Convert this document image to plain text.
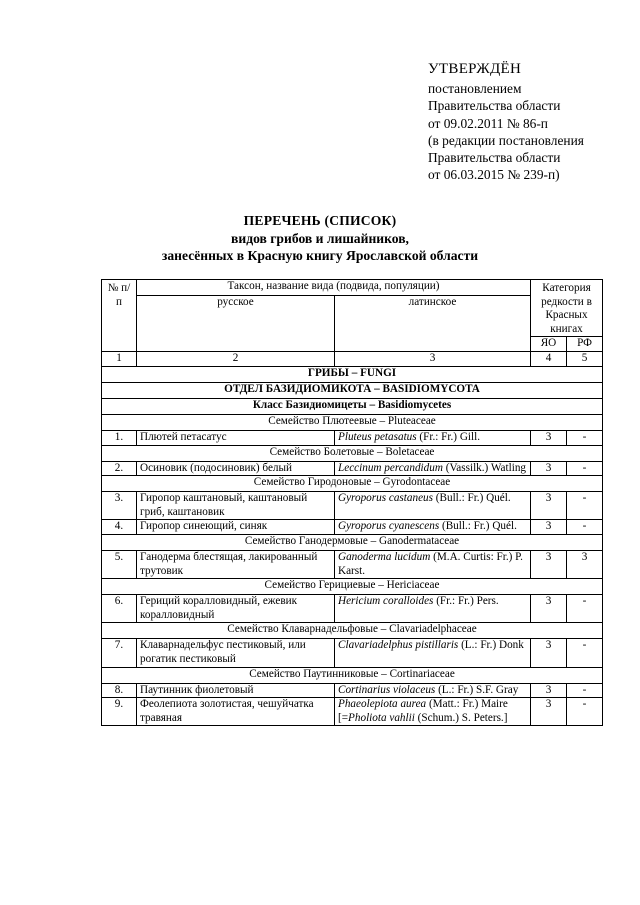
УТВЕРЖДЁН
постановлением
Правительства области
от 09.02.2011 № 86-п
(в редакции постановления
Правительства области
от 06.03.2015 № 239-п)
ПЕРЕЧЕНЬ (СПИСОК)
видов грибов и лишайников,
занесённых в Красную книгу Ярославской области
№ п/п	Таксон, название вида (подвида, популяции)		Категория редкости в Красных книгах	
	русское	латинское		
			ЯО	РФ
1	2	3	4	5
ГРИБЫ – FUNGI				
ОТДЕЛ БАЗИДИОМИКОТА – BASIDIOMYCOTA				
Класс Базидиомицеты – Basidiomycetes				
Семейство Плютеевые – Pluteaceae				
1.	Плютей петасатус	Pluteus petasatus (Fr.: Fr.) Gill.	3	-
Семейство Болетовые – Boletaceae				
2.	Осиновик (подосиновик) белый	Leccinum percandidum (Vassilk.) Watling	3	-
Семейство Гиродоновые – Gyrodontaceae				
3.	Гиропор каштановый, каштановый гриб, каштановик	Gyroporus castaneus (Bull.: Fr.) Quél.	3	-
4.	Гиропор синеющий, синяк	Gyroporus cyanescens (Bull.: Fr.) Quél.	3	-
Семейство Ганодермовые – Ganodermataceae				
5.	Ганодерма блестящая, лакированный трутовик	Ganoderma lucidum (M.A. Curtis: Fr.) P. Karst.	3	3
Семейство Герициевые – Hericiaceae				
6.	Гериций коралловидный, ежевик коралловидный	Hericium coralloides (Fr.: Fr.) Pers.	3	-
Семейство Клаварнадельфовые – Clavariadelphaceae				
7.	Клаварнадельфус пестиковый, или рогатик пестиковый	Clavariadelphus pistillaris (L.: Fr.) Donk	3	-
Семейство Паутинниковые – Cortinariaceae				
8.	Паутинник фиолетовый	Cortinarius violaceus (L.: Fr.) S.F. Gray	3	-
9.	Феолепиота золотистая, чешуйчатка травяная	Phaeolepiota aurea (Matt.: Fr.) Maire [=Pholiota vahlii (Schum.) S. Peters.]	3	-
